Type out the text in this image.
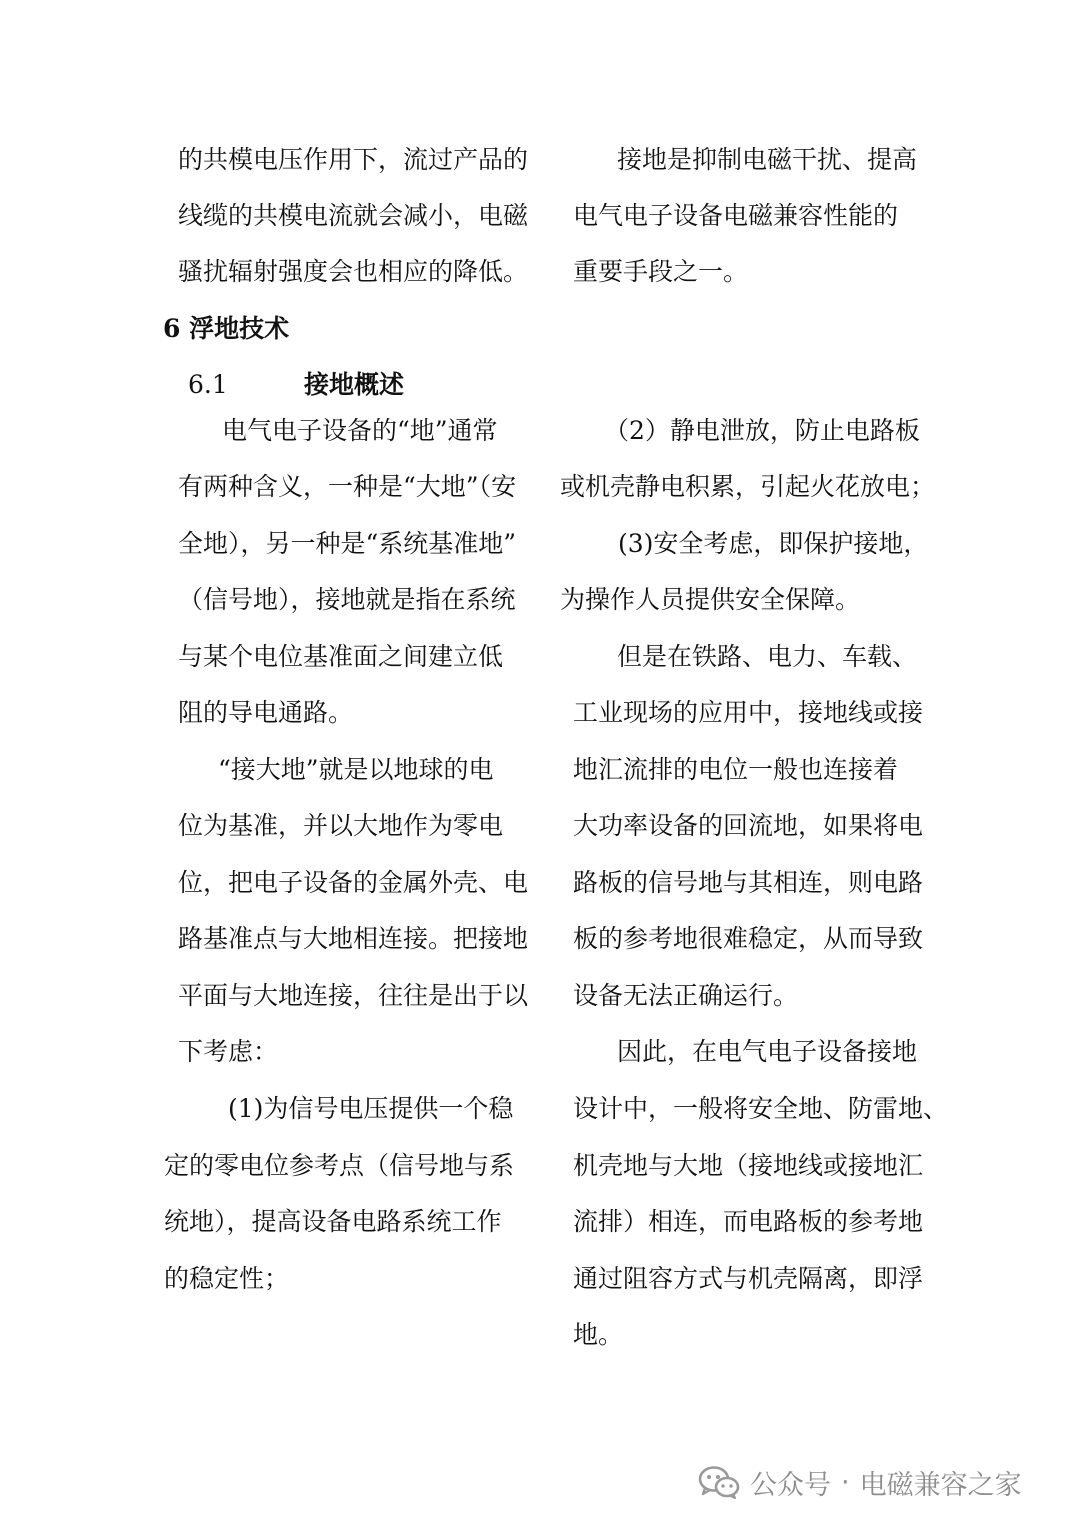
的共模电压作用下，流过产品的
线缆的共模电流就会减小，电磁
骚扰辐射强度会也相应的降低。
6 浮地技术
6.1	接地概述
电气电子设备的“地”通常
有两种含义，一种是“大地”（安
全地），另一种是“系统基准地”
（信号地），接地就是指在系统
与某个电位基准面之间建立低
阻的导电通路。
“接大地”就是以地球的电
位为基准，并以大地作为零电
位，把电子设备的金属外壳、电
路基准点与大地相连接。把接地
平面与大地连接，往往是出于以
下考虑：
(1)为信号电压提供一个稳
定的零电位参考点（信号地与系
统地），提高设备电路系统工作
的稳定性；
接地是抑制电磁干扰、提高
电气电子设备电磁兼容性能的
重要手段之一。
（2）静电泄放，防止电路板
或机壳静电积累，引起火花放电；
(3)安全考虑，即保护接地，
为操作人员提供安全保障。
但是在铁路、电力、车载、
工业现场的应用中，接地线或接
地汇流排的电位一般也连接着
大功率设备的回流地，如果将电
路板的信号地与其相连，则电路
板的参考地很难稳定，从而导致
设备无法正确运行。
因此，在电气电子设备接地
设计中，一般将安全地、防雷地、
机壳地与大地（接地线或接地汇
流排）相连，而电路板的参考地
通过阻容方式与机壳隔离，即浮
地。
公众号 · 电磁兼容之家
